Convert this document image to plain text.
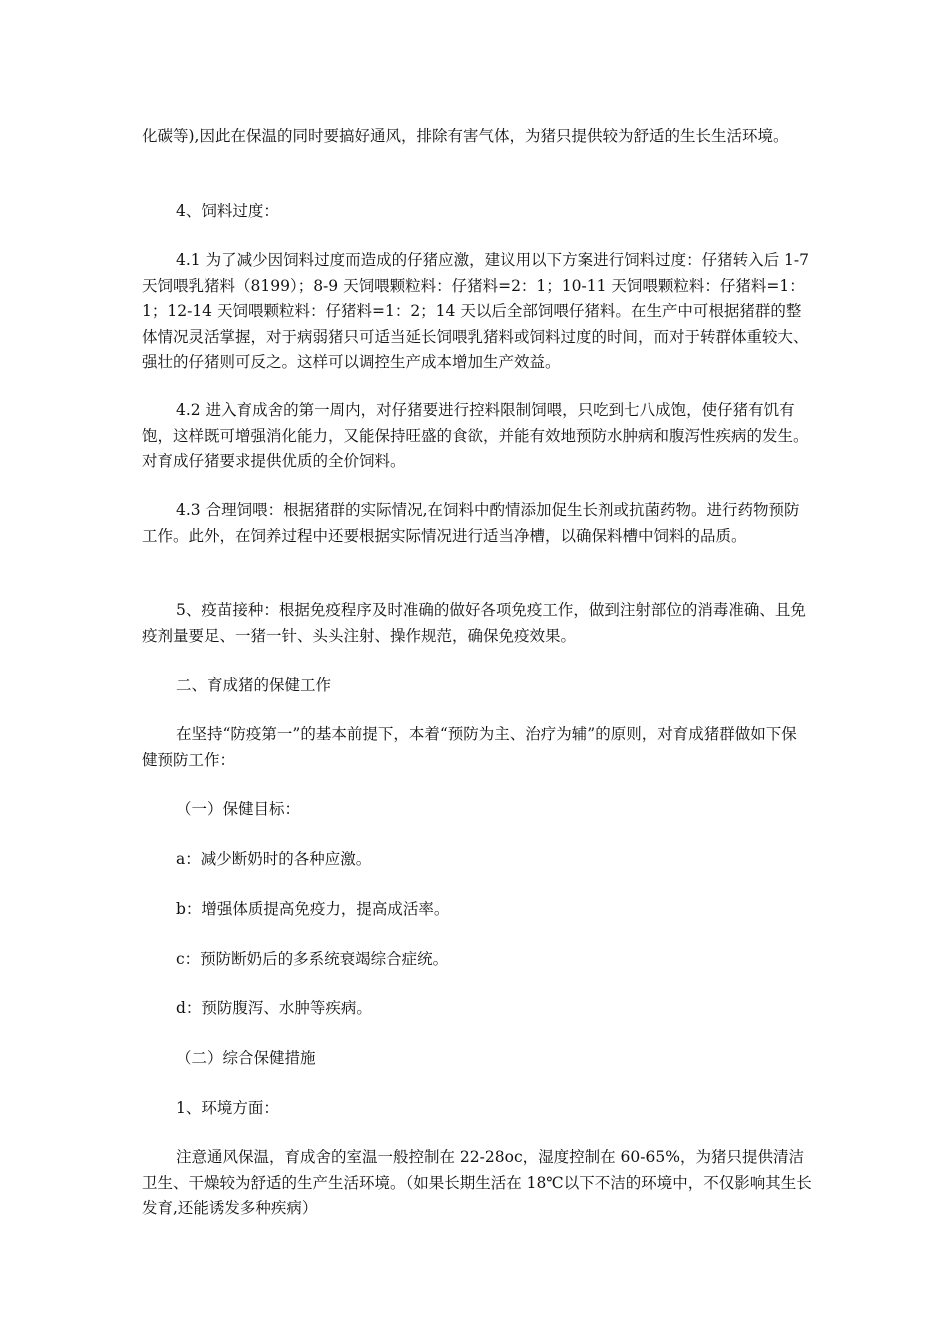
化碳等),因此在保温的同时要搞好通风，排除有害气体，为猪只提供较为舒适的生长生活环境。

4、饲料过度：

4.1 为了减少因饲料过度而造成的仔猪应激，建议用以下方案进行饲料过度：仔猪转入后 1-7 天饲喂乳猪料（8199）；8-9 天饲喂颗粒料：仔猪料=2：1；10-11 天饲喂颗粒料：仔猪料=1：1；12-14 天饲喂颗粒料：仔猪料=1：2；14 天以后全部饲喂仔猪料。在生产中可根据猪群的整体情况灵活掌握，对于病弱猪只可适当延长饲喂乳猪料或饲料过度的时间，而对于转群体重较大、强壮的仔猪则可反之。这样可以调控生产成本增加生产效益。

4.2 进入育成舍的第一周内，对仔猪要进行控料限制饲喂，只吃到七八成饱，使仔猪有饥有饱，这样既可增强消化能力，又能保持旺盛的食欲，并能有效地预防水肿病和腹泻性疾病的发生。对育成仔猪要求提供优质的全价饲料。

4.3 合理饲喂：根据猪群的实际情况,在饲料中酌情添加促生长剂或抗菌药物。进行药物预防工作。此外，在饲养过程中还要根据实际情况进行适当净槽，以确保料槽中饲料的品质。

5、疫苗接种：根据免疫程序及时准确的做好各项免疫工作，做到注射部位的消毒准确、且免疫剂量要足、一猪一针、头头注射、操作规范，确保免疫效果。

二、育成猪的保健工作

在坚持“防疫第一”的基本前提下，本着“预防为主、治疗为辅”的原则，对育成猪群做如下保健预防工作：

（一）保健目标：

a：减少断奶时的各种应激。

b：增强体质提高免疫力，提高成活率。

c：预防断奶后的多系统衰竭综合症统。

d：预防腹泻、水肿等疾病。

（二）综合保健措施

1、环境方面：

注意通风保温，育成舍的室温一般控制在 22-28oc，湿度控制在 60-65%，为猪只提供清洁卫生、干燥较为舒适的生产生活环境。（如果长期生活在 18℃以下不洁的环境中，不仅影响其生长发育,还能诱发多种疾病）
